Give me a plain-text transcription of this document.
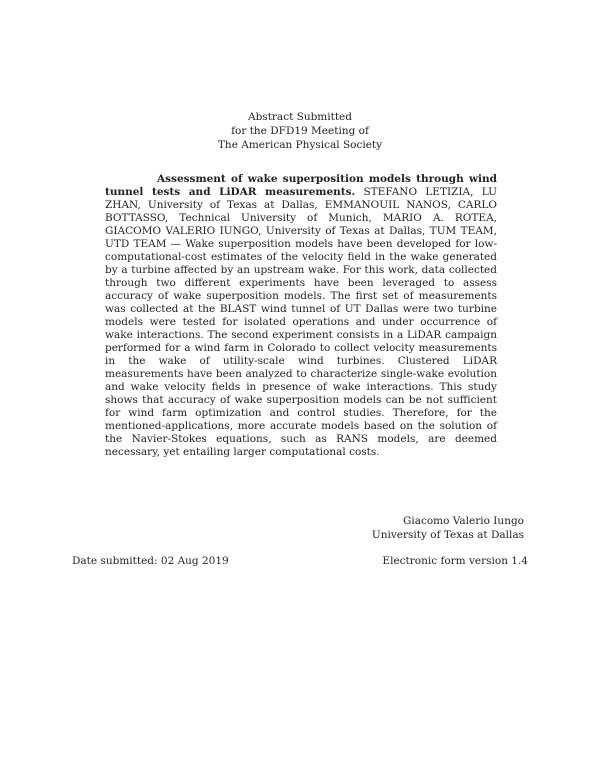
Abstract Submitted
for the DFD19 Meeting of
The American Physical Society

Assessment of wake superposition models through wind tunnel tests and LiDAR measurements. STEFANO LETIZIA, LU ZHAN, University of Texas at Dallas, EMMANOUIL NANOS, CARLO BOTTASSO, Technical University of Munich, MARIO A. ROTEA, GIACOMO VALERIO IUNGO, University of Texas at Dallas, TUM TEAM, UTD TEAM — Wake superposition models have been developed for low-computational-cost estimates of the velocity field in the wake generated by a turbine affected by an upstream wake. For this work, data collected through two different experiments have been leveraged to assess accuracy of wake superposition models. The first set of measurements was collected at the BLAST wind tunnel of UT Dallas were two turbine models were tested for isolated operations and under occurrence of wake interactions. The second experiment consists in a LiDAR campaign performed for a wind farm in Colorado to collect velocity measurements in the wake of utility-scale wind turbines. Clustered LiDAR measurements have been analyzed to characterize single-wake evolution and wake velocity fields in presence of wake interactions. This study shows that accuracy of wake superposition models can be not sufficient for wind farm optimization and control studies. Therefore, for the mentioned-applications, more accurate models based on the solution of the Navier-Stokes equations, such as RANS models, are deemed necessary, yet entailing larger computational costs.

Giacomo Valerio Iungo
University of Texas at Dallas
Date submitted: 02 Aug 2019	Electronic form version 1.4
